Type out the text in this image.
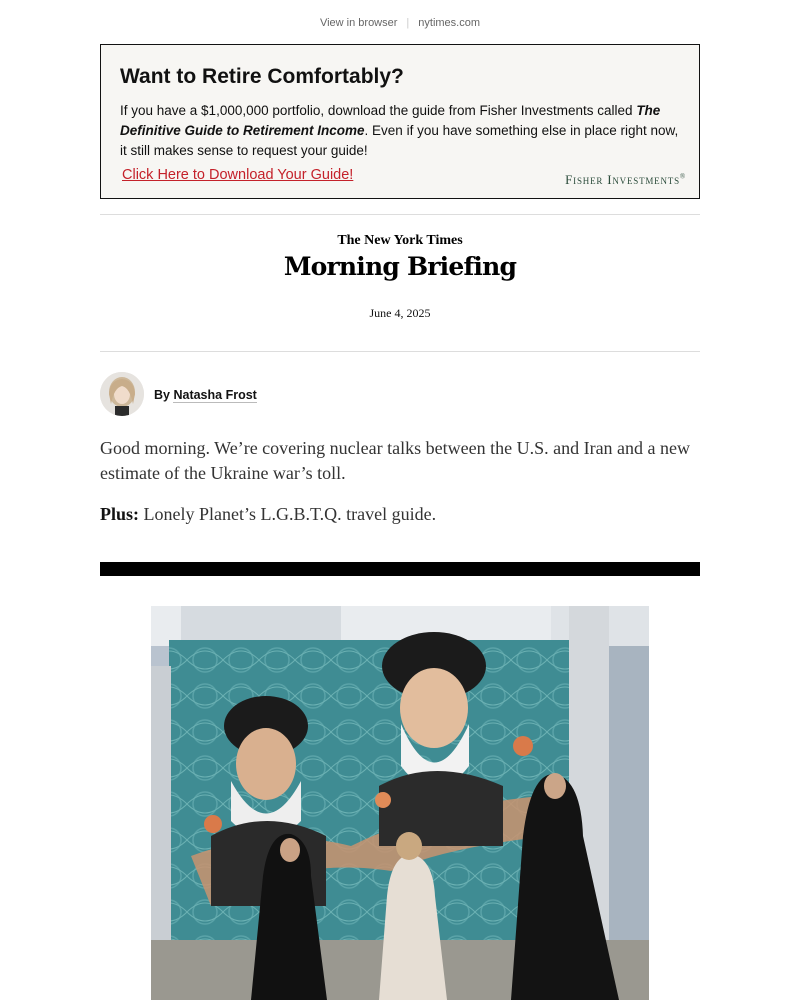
View in browser | nytimes.com
Want to Retire Comfortably?
If you have a $1,000,000 portfolio, download the guide from Fisher Investments called The Definitive Guide to Retirement Income. Even if you have something else in place right now, it still makes sense to request your guide!
Click Here to Download Your Guide!	Fisher Investments®
The New York Times
Morning Briefing
June 4, 2025
By Natasha Frost

Good morning. We’re covering nuclear talks between the U.S. and Iran and a new estimate of the Ukraine war’s toll.

Plus: Lonely Planet’s L.G.B.T.Q. travel guide.
